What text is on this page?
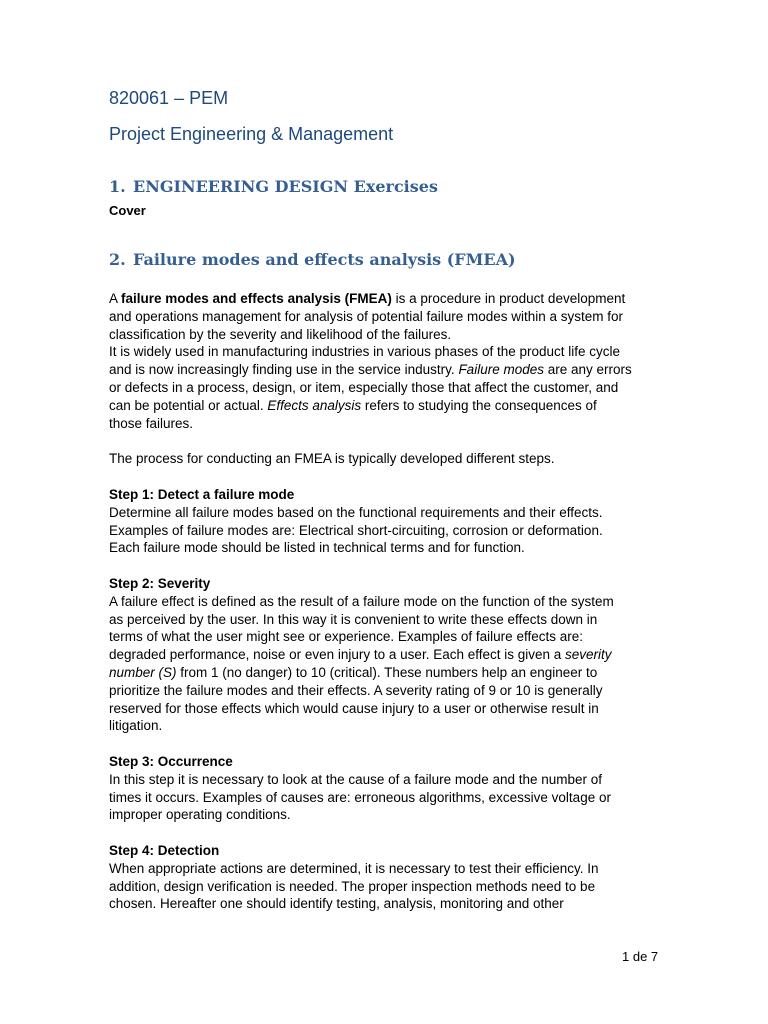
820061 – PEM
Project Engineering & Management
1. ENGINEERING DESIGN Exercises
Cover
2. Failure modes and effects analysis (FMEA)
A failure modes and effects analysis (FMEA) is a procedure in product development
and operations management for analysis of potential failure modes within a system for
classification by the severity and likelihood of the failures.
It is widely used in manufacturing industries in various phases of the product life cycle
and is now increasingly finding use in the service industry. Failure modes are any errors
or defects in a process, design, or item, especially those that affect the customer, and
can be potential or actual. Effects analysis refers to studying the consequences of
those failures.
The process for conducting an FMEA is typically developed different steps.
Step 1: Detect a failure mode
Determine all failure modes based on the functional requirements and their effects.
Examples of failure modes are: Electrical short-circuiting, corrosion or deformation.
Each failure mode should be listed in technical terms and for function.
Step 2: Severity
A failure effect is defined as the result of a failure mode on the function of the system
as perceived by the user. In this way it is convenient to write these effects down in
terms of what the user might see or experience. Examples of failure effects are:
degraded performance, noise or even injury to a user. Each effect is given a severity
number (S) from 1 (no danger) to 10 (critical). These numbers help an engineer to
prioritize the failure modes and their effects. A severity rating of 9 or 10 is generally
reserved for those effects which would cause injury to a user or otherwise result in
litigation.
Step 3: Occurrence
In this step it is necessary to look at the cause of a failure mode and the number of
times it occurs. Examples of causes are: erroneous algorithms, excessive voltage or
improper operating conditions.
Step 4: Detection
When appropriate actions are determined, it is necessary to test their efficiency. In
addition, design verification is needed. The proper inspection methods need to be
chosen. Hereafter one should identify testing, analysis, monitoring and other
1 de 7
